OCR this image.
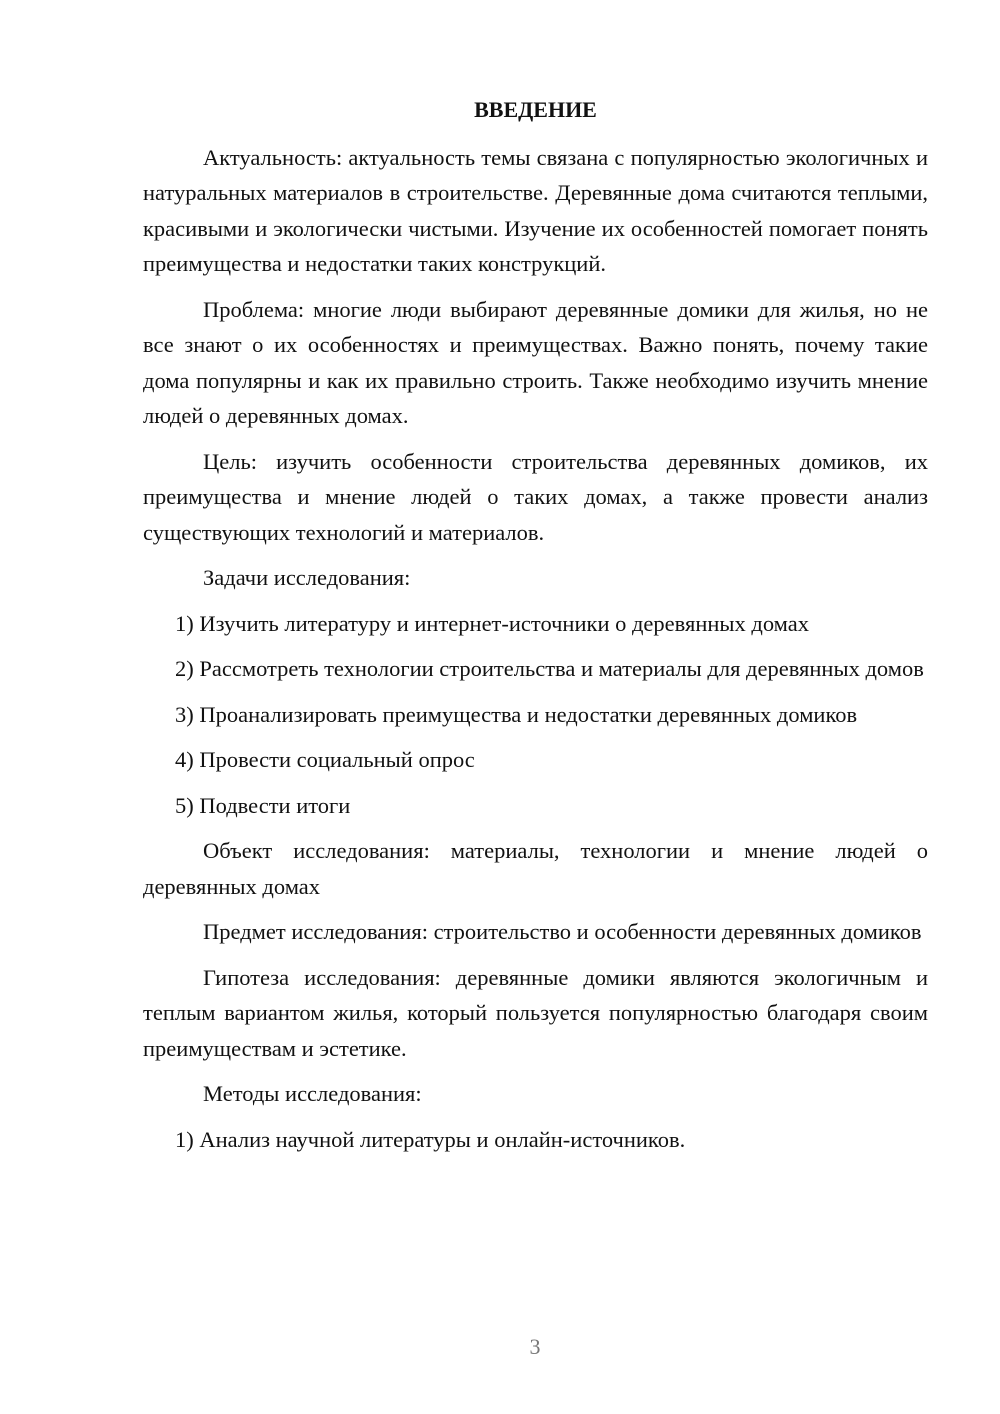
ВВЕДЕНИЕ

Актуальность: актуальность темы связана с популярностью экологичных и натуральных материалов в строительстве. Деревянные дома считаются теплыми, красивыми и экологически чистыми. Изучение их особенностей помогает понять преимущества и недостатки таких конструкций.

Проблема: многие люди выбирают деревянные домики для жилья, но не все знают о их особенностях и преимуществах. Важно понять, почему такие дома популярны и как их правильно строить. Также необходимо изучить мнение людей о деревянных домах.

Цель: изучить особенности строительства деревянных домиков, их преимущества и мнение людей о таких домах, а также провести анализ существующих технологий и материалов.

Задачи исследования:

1) Изучить литературу и интернет-источники о деревянных домах

2) Рассмотреть технологии строительства и материалы для деревянных домов

3) Проанализировать преимущества и недостатки деревянных домиков

4) Провести социальный опрос

5) Подвести итоги

Объект исследования: материалы, технологии и мнение людей о деревянных домах

Предмет исследования: строительство и особенности деревянных домиков

Гипотеза исследования: деревянные домики являются экологичным и теплым вариантом жилья, который пользуется популярностью благодаря своим преимуществам и эстетике.

Методы исследования:

1) Анализ научной литературы и онлайн-источников.

3
